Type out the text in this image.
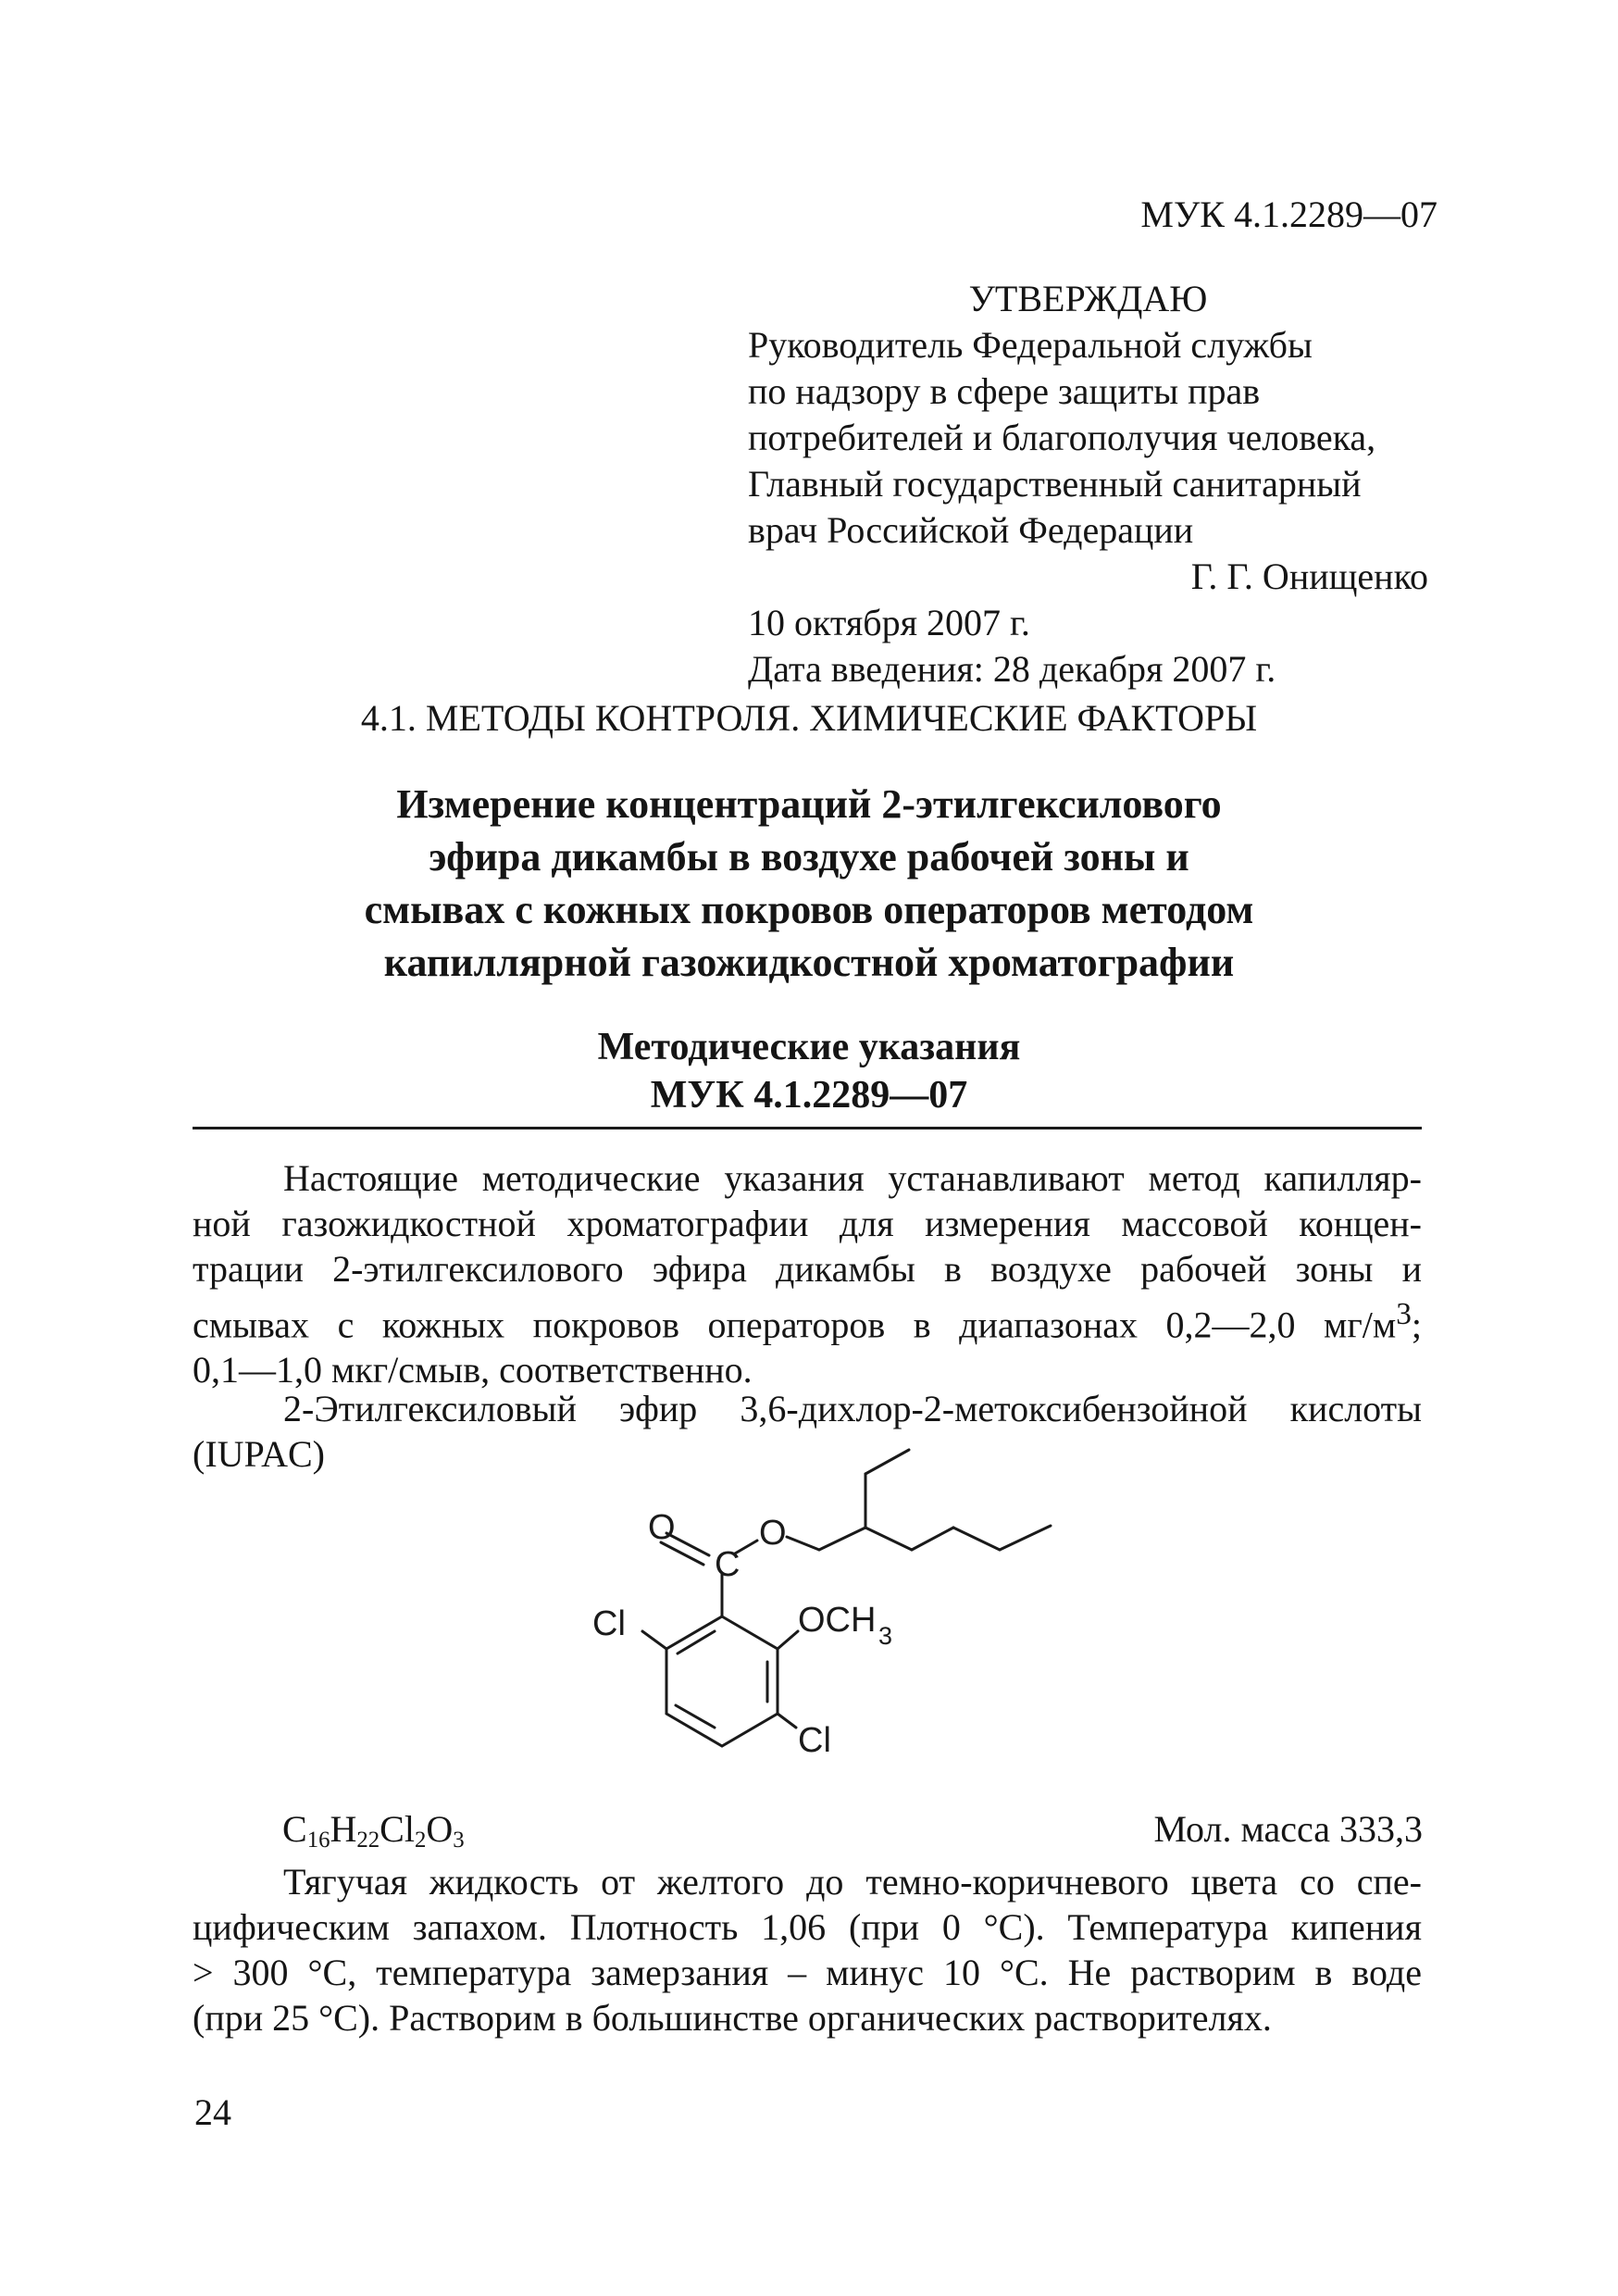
МУК 4.1.2289—07
УТВЕРЖДАЮ
Руководитель Федеральной службы
по надзору в сфере защиты прав
потребителей и благополучия человека,
Главный государственный санитарный
врач Российской Федерации
Г. Г. Онищенко
10 октября 2007 г.
Дата введения: 28 декабря 2007 г.
4.1. МЕТОДЫ КОНТРОЛЯ. ХИМИЧЕСКИЕ ФАКТОРЫ
Измерение концентраций 2-этилгексилового
эфира дикамбы в воздухе рабочей зоны и
смывах с кожных покровов операторов методом
капиллярной газожидкостной хроматографии
Методические указания
МУК 4.1.2289—07
Настоящие методические указания устанавливают метод капилляр-
ной газожидкостной хроматографии для измерения массовой концен-
трации 2-этилгексилового эфира дикамбы в воздухе рабочей зоны и
смывах с кожных покровов операторов в диапазонах 0,2—2,0 $мг/м^3$;
0,1—1,0 мкг/смыв, соответственно.
2-Этилгексиловый эфир 3,6-дихлор-2-метоксибензойной кислоты
(IUPAC)
O
C
O
Cl	OCH 3
Cl
$C_{16}H_{22}Cl_2O_3$	Мол. масса 333,3
Тягучая жидкость от желтого до темно-коричневого цвета со спе-
цифическим запахом. Плотность 1,06 (при 0 °С). Температура кипения
> 300 °С, температура замерзания – минус 10 °С. Не растворим в воде
(при 25 °С). Растворим в большинстве органических растворителях.
24
